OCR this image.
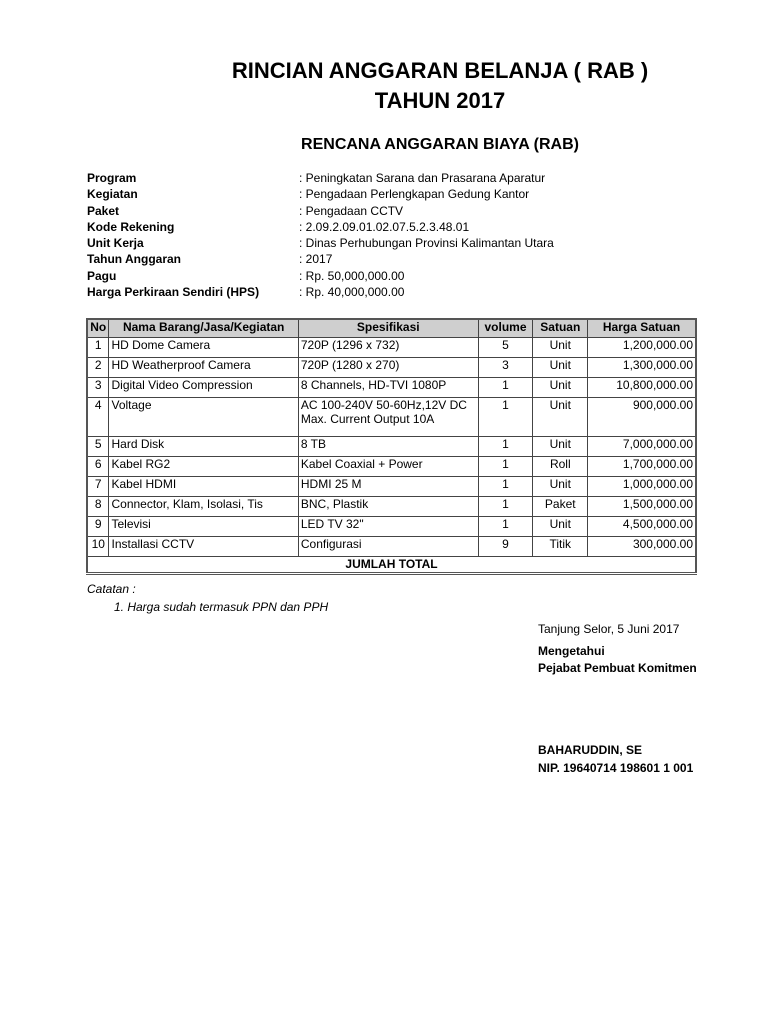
RINCIAN ANGGARAN BELANJA ( RAB )
TAHUN 2017
RENCANA ANGGARAN BIAYA (RAB)
Program	: Peningkatan Sarana dan Prasarana Aparatur
Kegiatan	: Pengadaan Perlengkapan Gedung Kantor
Paket	: Pengadaan CCTV
Kode Rekening	: 2.09.2.09.01.02.07.5.2.3.48.01
Unit Kerja	: Dinas Perhubungan Provinsi Kalimantan Utara
Tahun Anggaran	: 2017
Pagu	: Rp. 50,000,000.00
Harga Perkiraan Sendiri (HPS)	: Rp. 40,000,000.00
No	Nama Barang/Jasa/Kegiatan	Spesifikasi	volume	Satuan	Harga Satuan
1	HD Dome Camera	720P (1296 x 732)	5	Unit	1,200,000.00
2	HD Weatherproof Camera	720P (1280 x 270)	3	Unit	1,300,000.00
3	Digital Video Compression	8 Channels, HD-TVI 1080P	1	Unit	10,800,000.00
4	Voltage	AC 100-240V 50-60Hz,12V DC
Max. Current Output 10A	1	Unit	900,000.00
5	Hard Disk	8 TB	1	Unit	7,000,000.00
6	Kabel RG2	Kabel Coaxial + Power	1	Roll	1,700,000.00
7	Kabel HDMI	HDMI 25 M	1	Unit	1,000,000.00
8	Connector, Klam, Isolasi, Tis	BNC, Plastik	1	Paket	1,500,000.00
9	Televisi	LED TV 32"	1	Unit	4,500,000.00
10	Installasi CCTV	Configurasi	9	Titik	300,000.00
JUMLAH TOTAL					
Catatan :
1. Harga sudah termasuk PPN dan PPH
Tanjung Selor, 5 Juni 2017
Mengetahui
Pejabat Pembuat Komitmen
BAHARUDDIN, SE
NIP. 19640714 198601 1 001
